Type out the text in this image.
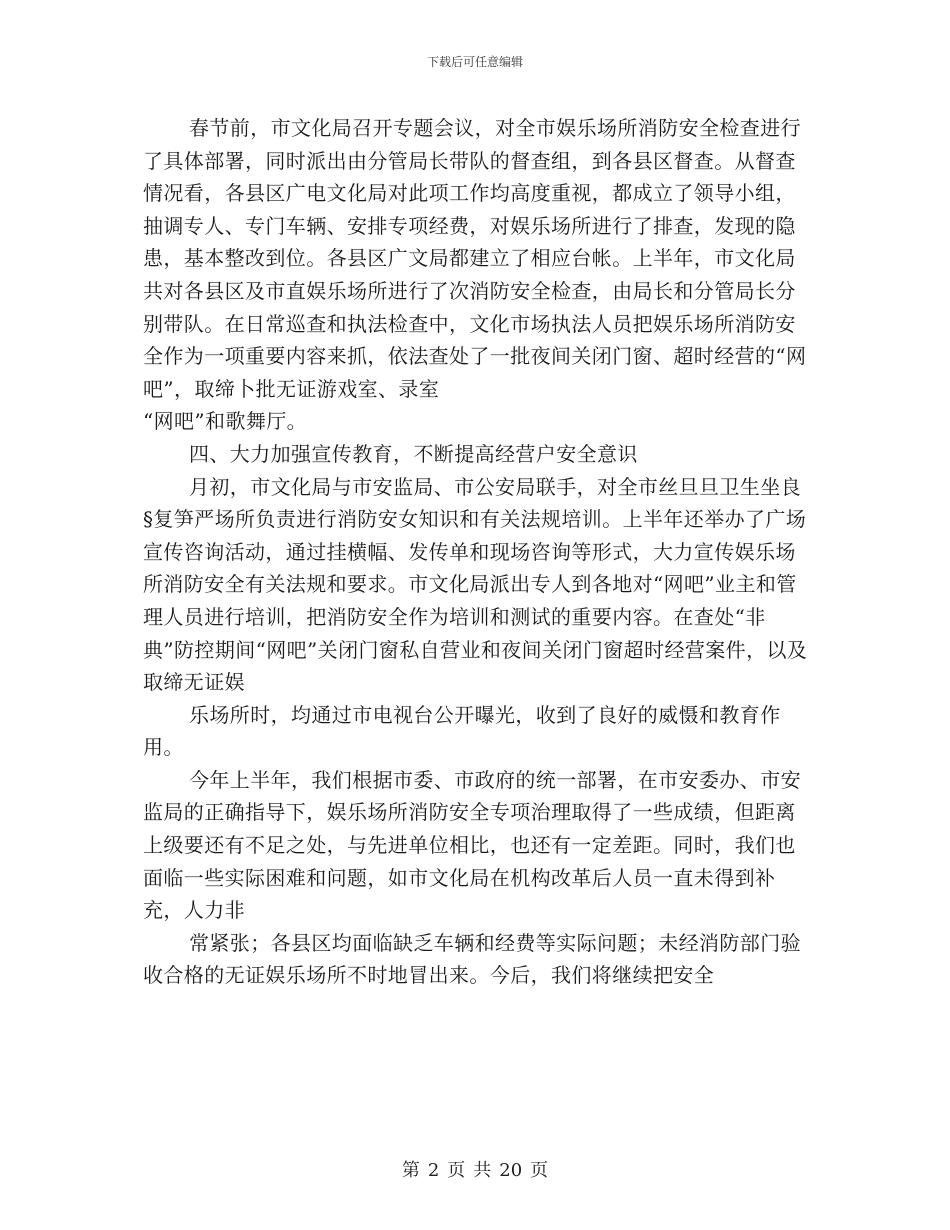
下载后可任意编辑

春节前，市文化局召开专题会议，对全市娱乐场所消防安全检查进行了具体部署，同时派出由分管局长带队的督查组，到各县区督查。从督查情况看，各县区广电文化局对此项工作均高度重视，都成立了领导小组，抽调专人、专门车辆、安排专项经费，对娱乐场所进行了排查，发现的隐患，基本整改到位。各县区广文局都建立了相应台帐。上半年，市文化局共对各县区及市直娱乐场所进行了次消防安全检查，由局长和分管局长分别带队。在日常巡查和执法检查中，文化市场执法人员把娱乐场所消防安全作为一项重要内容来抓，依法查处了一批夜间关闭门窗、超时经营的“网吧”，取缔卜批无证游戏室、录室

“网吧”和歌舞厅。

四、大力加强宣传教育，不断提高经营户安全意识

月初，市文化局与市安监局、市公安局联手，对全市丝旦旦卫生坐良§复笋严场所负责进行消防安女知识和有关法规培训。上半年还举办了广场宣传咨询活动，通过挂横幅、发传单和现场咨询等形式，大力宣传娱乐场所消防安全有关法规和要求。市文化局派出专人到各地对“网吧”业主和管理人员进行培训，把消防安全作为培训和测试的重要内容。在查处“非典”防控期间“网吧”关闭门窗私自营业和夜间关闭门窗超时经营案件，以及取缔无证娱

乐场所时，均通过市电视台公开曝光，收到了良好的威慑和教育作用。

今年上半年，我们根据市委、市政府的统一部署，在市安委办、市安监局的正确指导下，娱乐场所消防安全专项治理取得了一些成绩，但距离上级要还有不足之处，与先进单位相比，也还有一定差距。同时，我们也面临一些实际困难和问题，如市文化局在机构改革后人员一直未得到补充，人力非

常紧张；各县区均面临缺乏车辆和经费等实际问题；未经消防部门验收合格的无证娱乐场所不时地冒出来。今后，我们将继续把安全

第 2 页 共 20 页
